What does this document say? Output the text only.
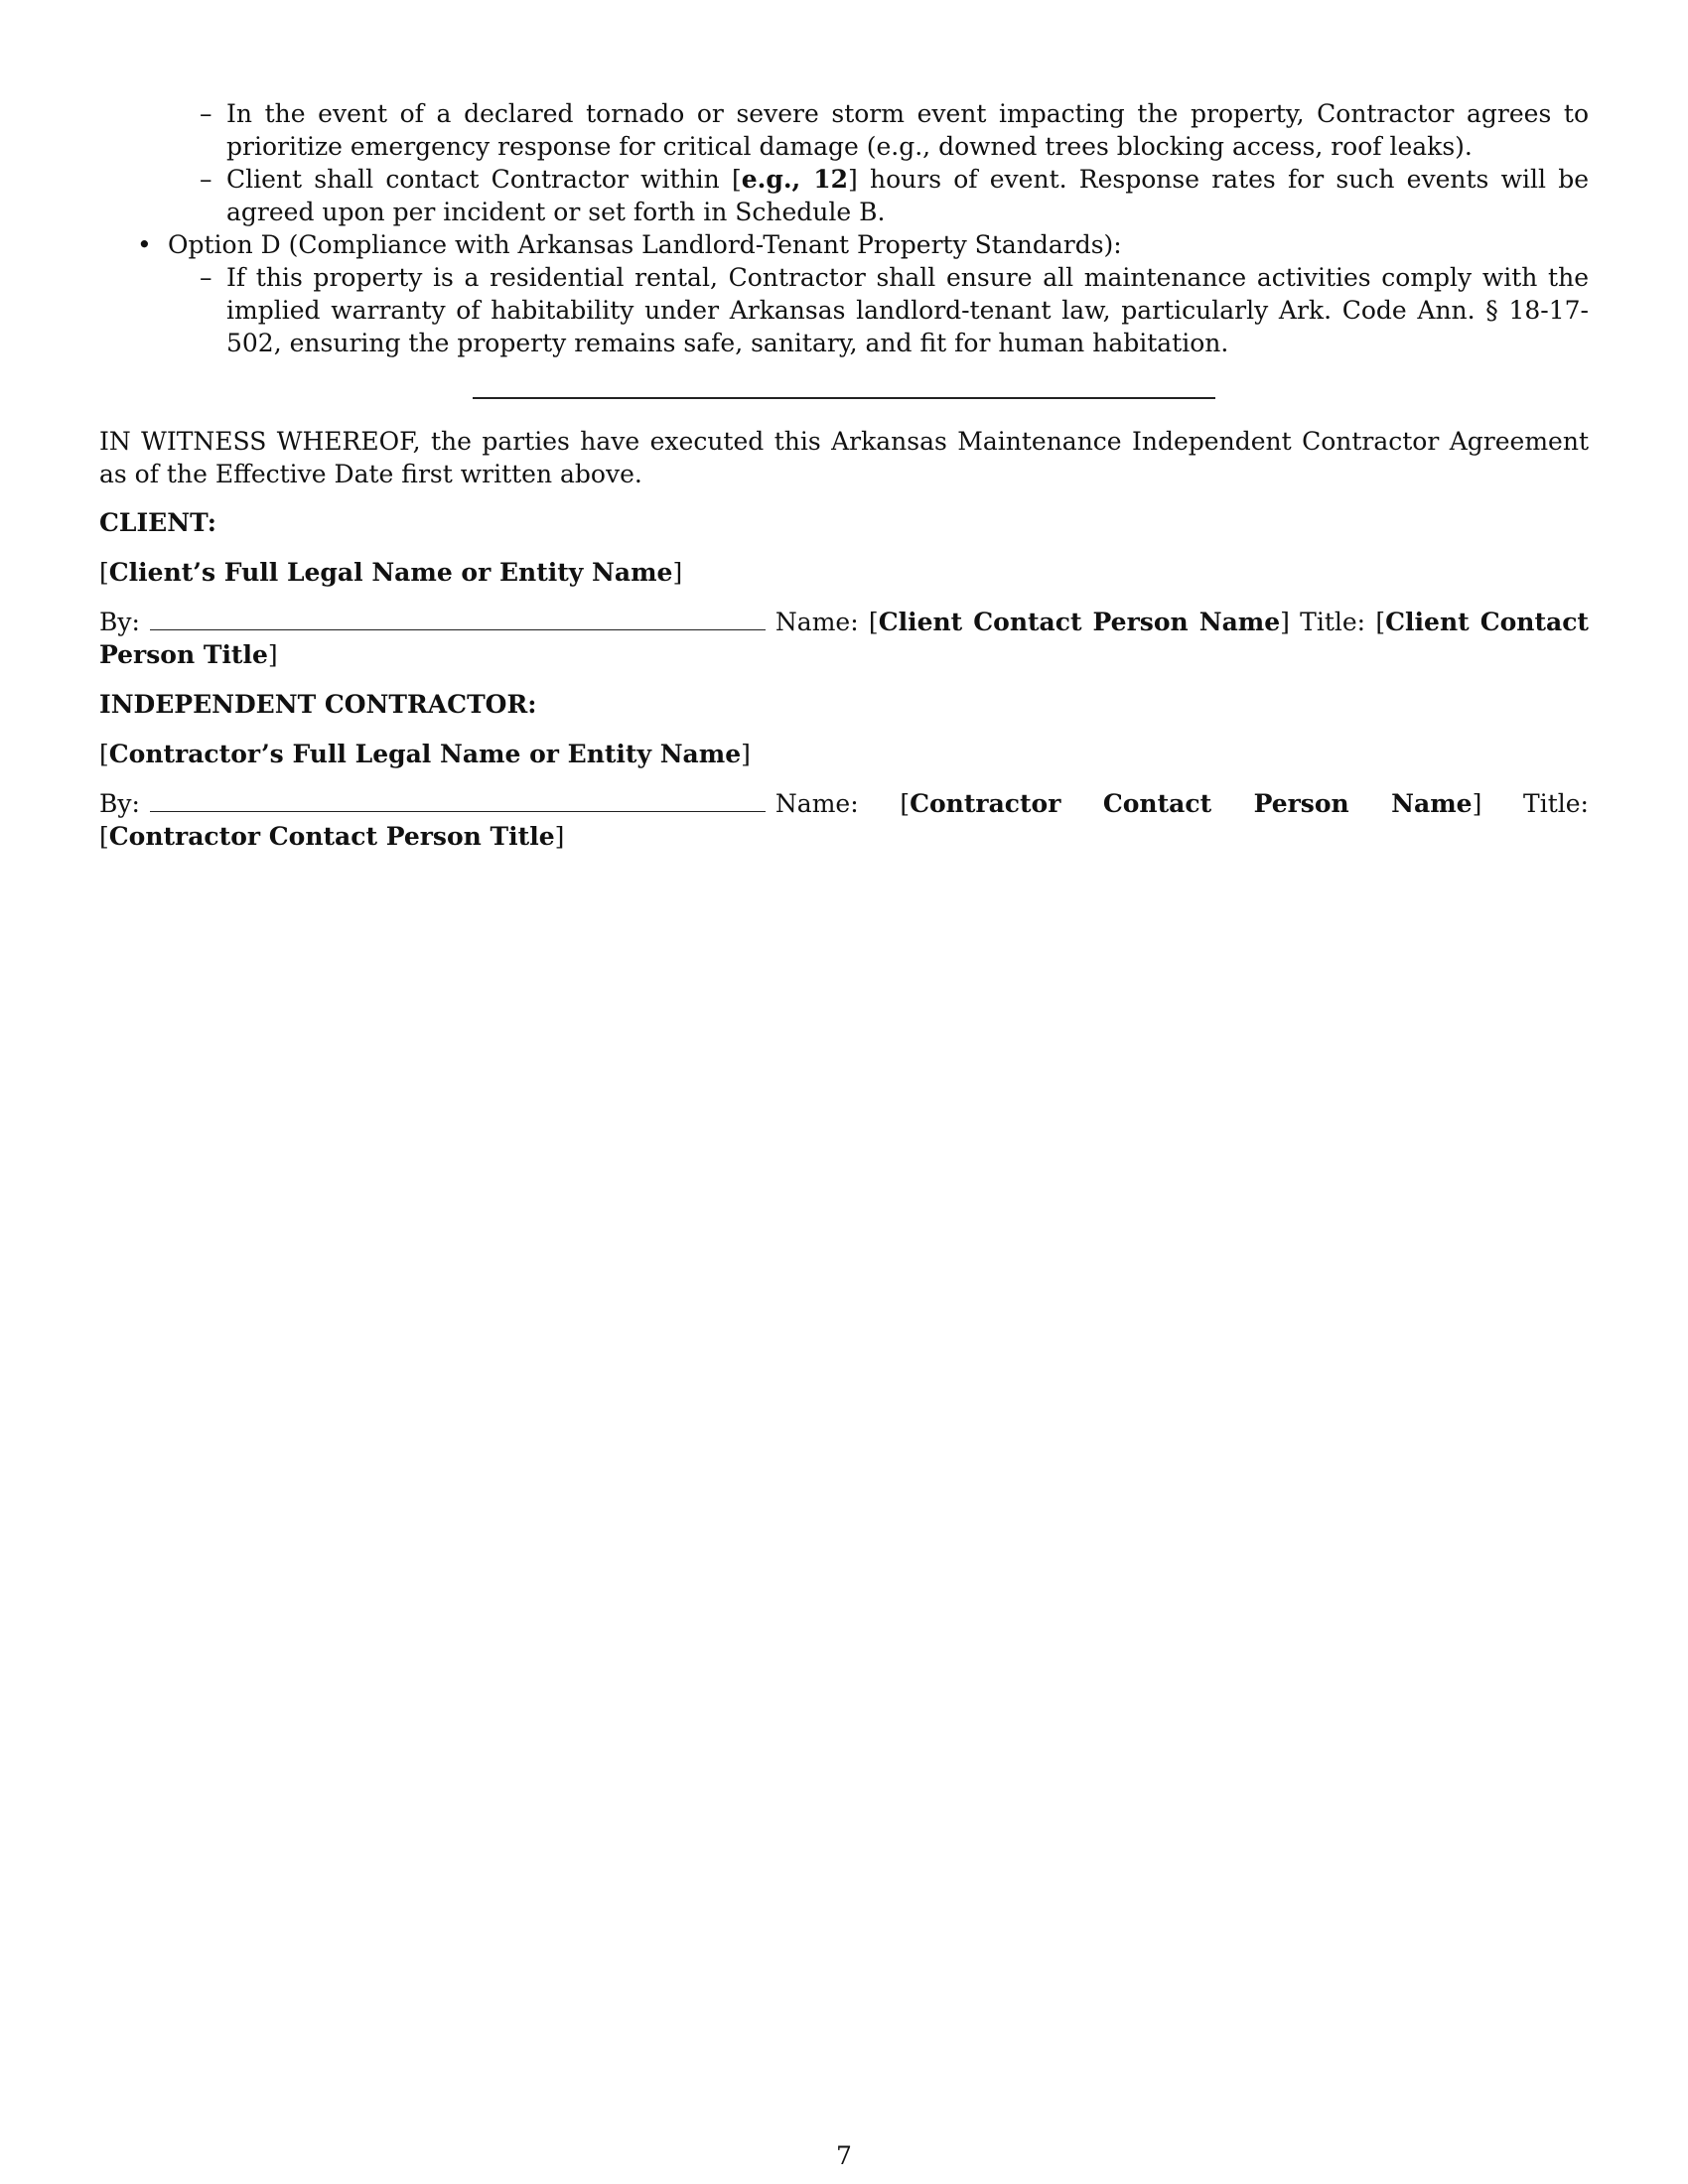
– In the event of a declared tornado or severe storm event impacting the property, Contractor agrees to prioritize emergency response for critical damage (e.g., downed trees blocking access, roof leaks).
– Client shall contact Contractor within [e.g., 12] hours of event. Response rates for such events will be agreed upon per incident or set forth in Schedule B.
• Option D (Compliance with Arkansas Landlord-Tenant Property Standards):
– If this property is a residential rental, Contractor shall ensure all maintenance activities comply with the implied warranty of habitability under Arkansas landlord-tenant law, particularly Ark. Code Ann. § 18-17-502, ensuring the property remains safe, sanitary, and fit for human habitation.

IN WITNESS WHEREOF, the parties have executed this Arkansas Maintenance Independent Contractor Agreement as of the Effective Date first written above.

CLIENT:

[Client’s Full Legal Name or Entity Name]

By:	Name: [Client Contact Person Name] Title: [Client Contact Person Title]

INDEPENDENT CONTRACTOR:

[Contractor’s Full Legal Name or Entity Name]

By:	Name: [Contractor Contact Person Name] Title: [Contractor Contact Person Title]

7
